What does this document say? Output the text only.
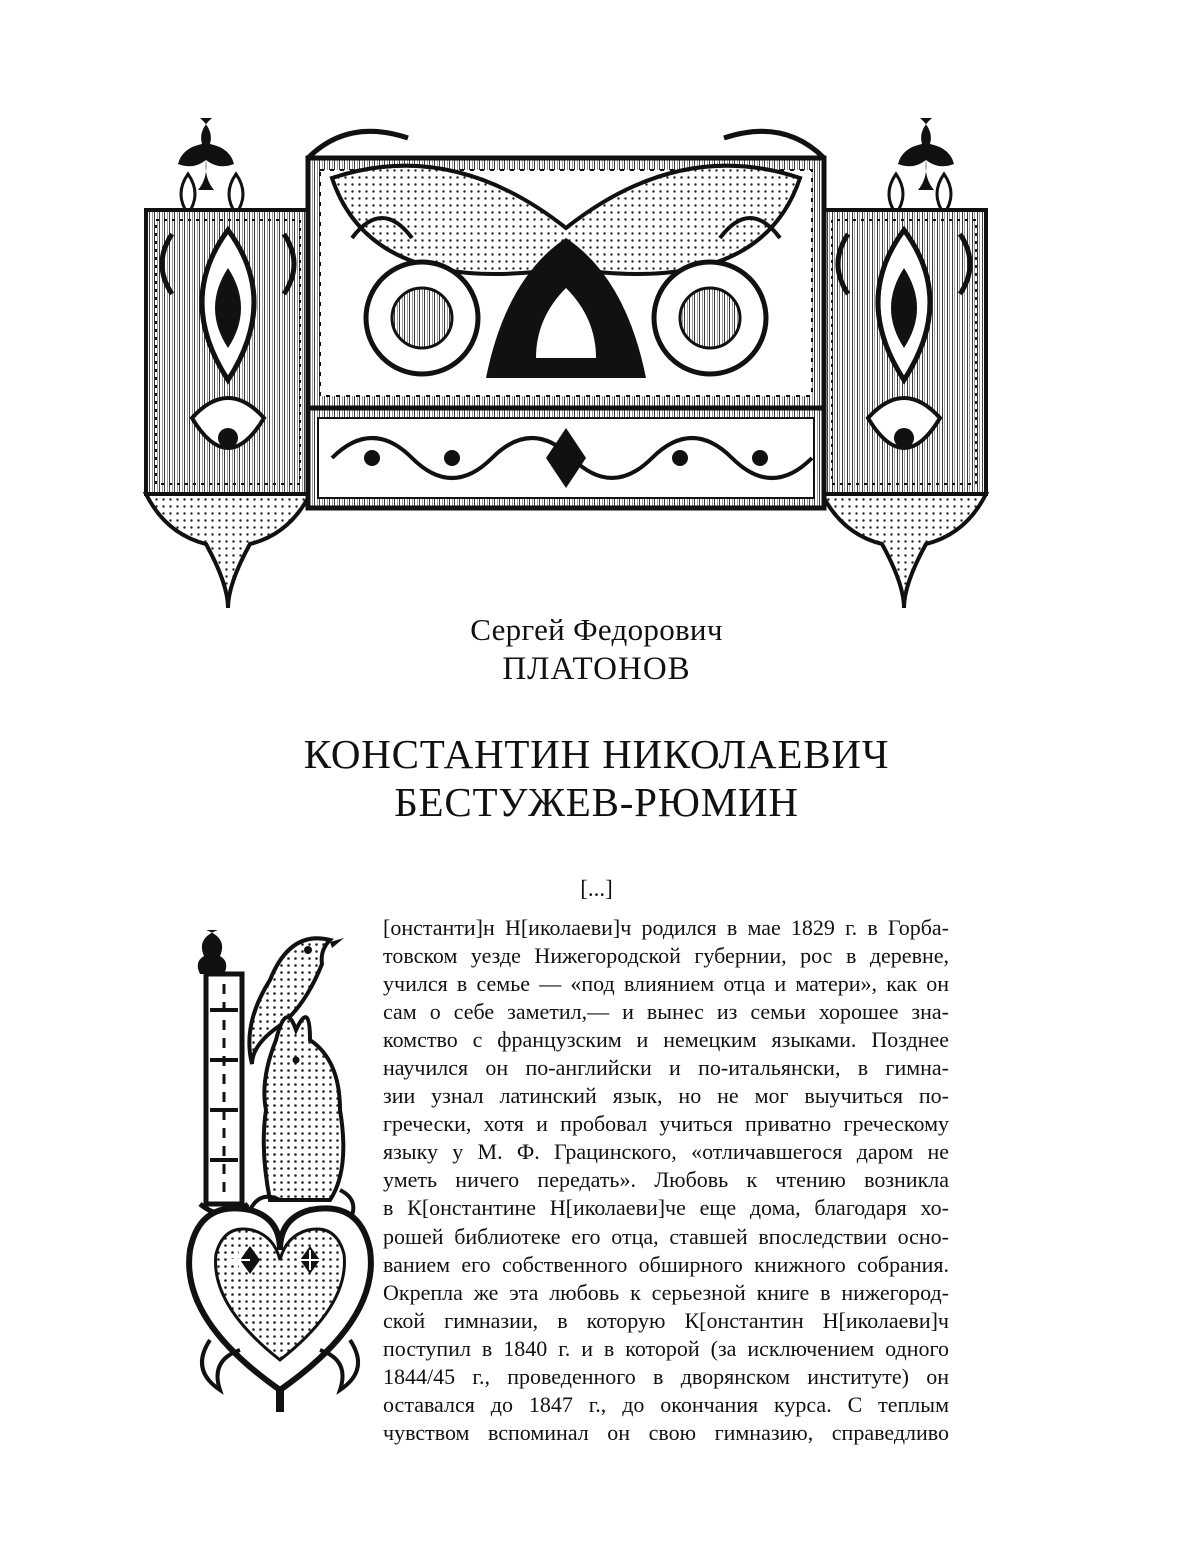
Сергей Федорович
ПЛАТОНОВ
КОНСТАНТИН НИКОЛАЕВИЧ
БЕСТУЖЕВ-РЮМИН
[...]
[онстанти]н Н[иколаеви]ч родился в мае 1829 г. в Горба-
товском уезде Нижегородской губернии, рос в деревне,
учился в семье — «под влиянием отца и матери», как он
сам о себе заметил,— и вынес из семьи хорошее зна-
комство с французским и немецким языками. Позднее
научился он по-английски и по-итальянски, в гимна-
зии узнал латинский язык, но не мог выучиться по-
гречески, хотя и пробовал учиться приватно греческому
языку у М. Ф. Грацинского, «отличавшегося даром не
уметь ничего передать». Любовь к чтению возникла
в К[онстантине Н[иколаеви]че еще дома, благодаря хо-
рошей библиотеке его отца, ставшей впоследствии осно-
ванием его собственного обширного книжного собрания.
Окрепла же эта любовь к серьезной книге в нижегород-
ской гимназии, в которую К[онстантин Н[иколаеви]ч
поступил в 1840 г. и в которой (за исключением одного
1844/45 г., проведенного в дворянском институте) он
оставался до 1847 г., до окончания курса. С теплым
чувством вспоминал он свою гимназию, справедливо
